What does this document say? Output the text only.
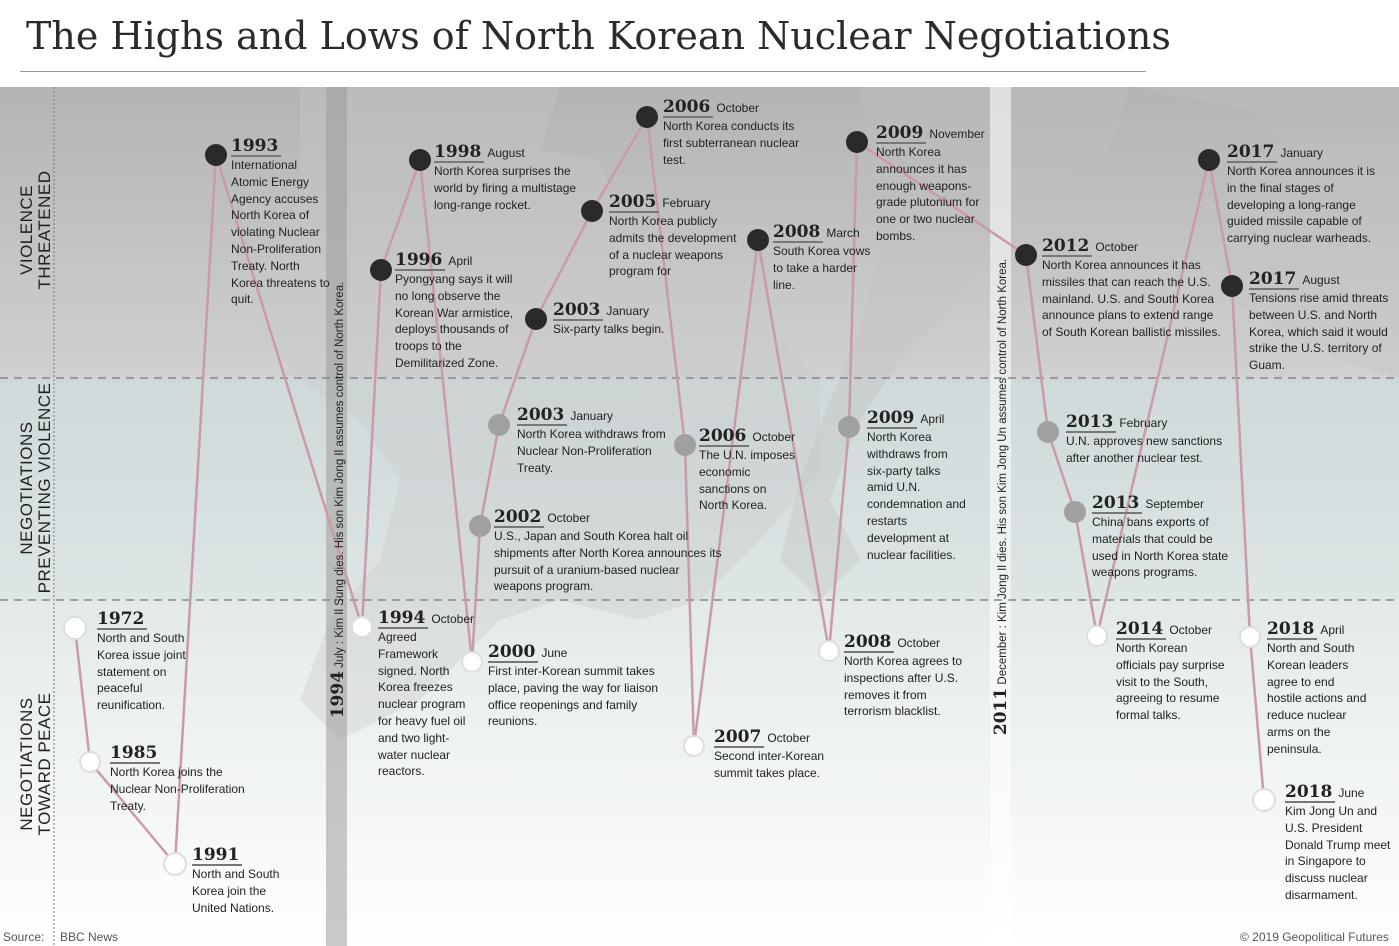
The Highs and Lows of North Korean Nuclear Negotiations
VIOLENCE
THREATENED
NEGOTIATIONS
PREVENTING VIOLENCE
NEGOTIATIONS
TOWARD PEACE	1994 July : Kim Il Sung dies. His son Kim Jong Il assumes control of North Korea.
2011 December : Kim Jong Il dies. His son Kim Jong Un assumes control of North Korea.
1972
North and South Korea issue joint statement on peaceful reunification.
1985
North Korea joins the Nuclear Non-Proliferation Treaty.
1991
North and South Korea join the United Nations.
1993
International Atomic Energy Agency accuses North Korea of violating Nuclear Non-Proliferation Treaty. North Korea threatens to quit.
1994 October
Agreed Framework signed. North Korea freezes nuclear program for heavy fuel oil and two light-water nuclear reactors.
1996 April
Pyongyang says it will no long observe the Korean War armistice, deploys thousands of troops to the Demilitarized Zone.
1998 August
North Korea surprises the world by firing a multistage long-range rocket.
2000 June
First inter-Korean summit takes place, paving the way for liaison office reopenings and family reunions.
2002 October
U.S., Japan and South Korea halt oil shipments after North Korea announces its pursuit of a uranium-based nuclear weapons program.
2003 January
North Korea withdraws from Nuclear Non-Proliferation Treaty.
2003 January
Six-party talks begin.
2005 February
North Korea publicly admits the development of a nuclear weapons program for
2006 October
North Korea conducts its first subterranean nuclear test.
2006 October
The U.N. imposes economic sanctions on North Korea.
2007 October
Second inter-Korean summit takes place.
2008 March
South Korea vows to take a harder line.
2008 October
North Korea agrees to inspections after U.S. removes it from terrorism blacklist.
2009 April
North Korea withdraws from six-party talks amid U.N. condemnation and restarts development at nuclear facilities.
2009 November
North Korea announces it has enough weapons-grade plutonium for one or two nuclear bombs.
2012 October
North Korea announces it has missiles that can reach the U.S. mainland. U.S. and South Korea announce plans to extend range of South Korean ballistic missiles.
2013 February
U.N. approves new sanctions after another nuclear test.
2013 September
China bans exports of materials that could be used in North Korea state weapons programs.
2014 October
North Korean officials pay surprise visit to the South, agreeing to resume formal talks.
2017 January
North Korea announces it is in the final stages of developing a long-range guided missile capable of carrying nuclear warheads.
2017 August
Tensions rise amid threats between U.S. and North Korea, which said it would strike the U.S. territory of Guam.
2018 April
North and South Korean leaders agree to end hostile actions and reduce nuclear arms on the peninsula.
2018 June
Kim Jong Un and U.S. President Donald Trump meet in Singapore to discuss nuclear disarmament.
Source: BBC News	© 2019 Geopolitical Futures
